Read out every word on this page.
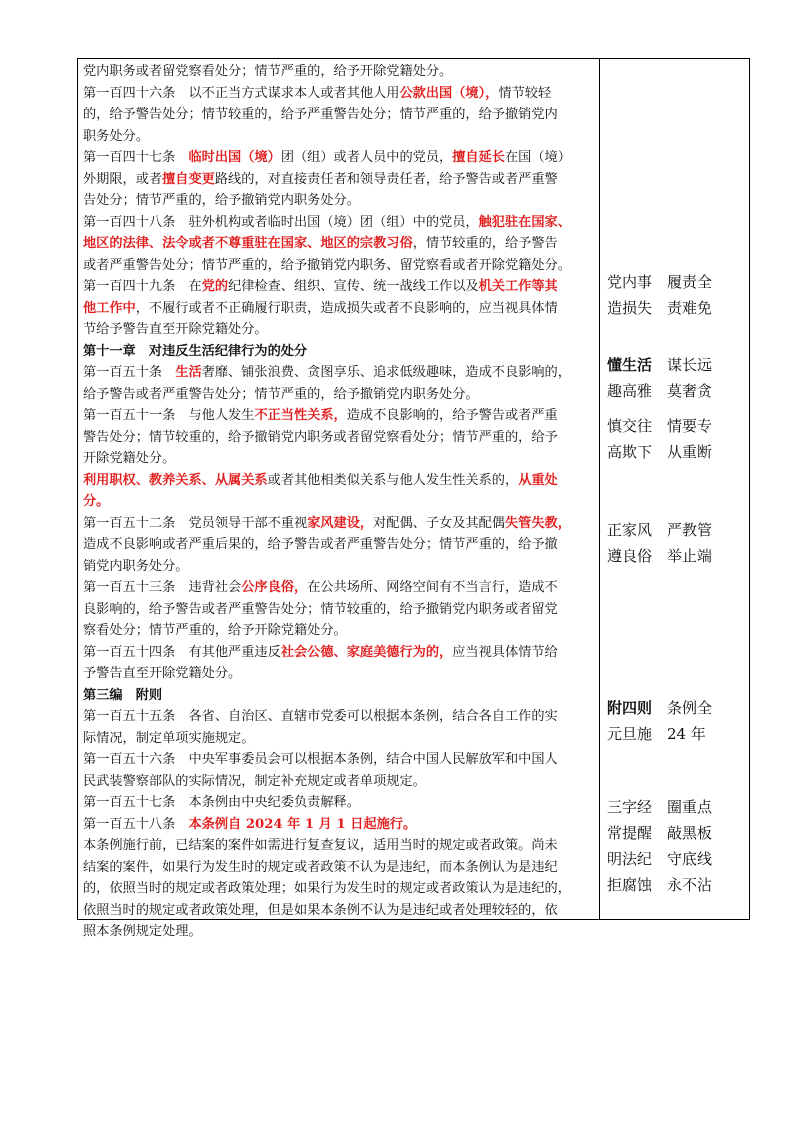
党内职务或者留党察看处分；情节严重的，给予开除党籍处分。
第一百四十六条　以不正当方式谋求本人或者其他人用公款出国（境），情节较轻
的，给予警告处分；情节较重的，给予严重警告处分；情节严重的，给予撤销党内
职务处分。
第一百四十七条　临时出国（境）团（组）或者人员中的党员，擅自延长在国（境）
外期限，或者擅自变更路线的，对直接责任者和领导责任者，给予警告或者严重警
告处分；情节严重的，给予撤销党内职务处分。
第一百四十八条　驻外机构或者临时出国（境）团（组）中的党员，触犯驻在国家、
地区的法律、法令或者不尊重驻在国家、地区的宗教习俗，情节较重的，给予警告
或者严重警告处分；情节严重的，给予撤销党内职务、留党察看或者开除党籍处分。
第一百四十九条　在党的纪律检查、组织、宣传、统一战线工作以及机关工作等其
他工作中，不履行或者不正确履行职责，造成损失或者不良影响的，应当视具体情
节给予警告直至开除党籍处分。
第十一章　对违反生活纪律行为的处分
第一百五十条　生活奢靡、铺张浪费、贪图享乐、追求低级趣味，造成不良影响的，
给予警告或者严重警告处分；情节严重的，给予撤销党内职务处分。
第一百五十一条　与他人发生不正当性关系，造成不良影响的，给予警告或者严重
警告处分；情节较重的，给予撤销党内职务或者留党察看处分；情节严重的，给予
开除党籍处分。
利用职权、教养关系、从属关系或者其他相类似关系与他人发生性关系的，从重处
分。
第一百五十二条　党员领导干部不重视家风建设，对配偶、子女及其配偶失管失教，
造成不良影响或者严重后果的，给予警告或者严重警告处分；情节严重的，给予撤
销党内职务处分。
第一百五十三条　违背社会公序良俗，在公共场所、网络空间有不当言行，造成不
良影响的，给予警告或者严重警告处分；情节较重的，给予撤销党内职务或者留党
察看处分；情节严重的，给予开除党籍处分。
第一百五十四条　有其他严重违反社会公德、家庭美德行为的，应当视具体情节给
予警告直至开除党籍处分。
第三编　附则
第一百五十五条　各省、自治区、直辖市党委可以根据本条例，结合各自工作的实
际情况，制定单项实施规定。
第一百五十六条　中央军事委员会可以根据本条例，结合中国人民解放军和中国人
民武装警察部队的实际情况，制定补充规定或者单项规定。
第一百五十七条　本条例由中央纪委负责解释。
第一百五十八条　本条例自 2024 年 1 月 1 日起施行。
本条例施行前，已结案的案件如需进行复查复议，适用当时的规定或者政策。尚未
结案的案件，如果行为发生时的规定或者政策不认为是违纪，而本条例认为是违纪
的，依照当时的规定或者政策处理；如果行为发生时的规定或者政策认为是违纪的，
依照当时的规定或者政策处理，但是如果本条例不认为是违纪或者处理较轻的，依
照本条例规定处理。
党内事 履责全
造损失 责难免
懂生活 谋长远
趣高雅 莫奢贪
慎交往 情要专
高欺下 从重断
正家风 严教管
遵良俗 举止端
附四则 条例全
元旦施 24 年
三字经 圈重点
常提醒 敲黑板
明法纪 守底线
拒腐蚀 永不沾
